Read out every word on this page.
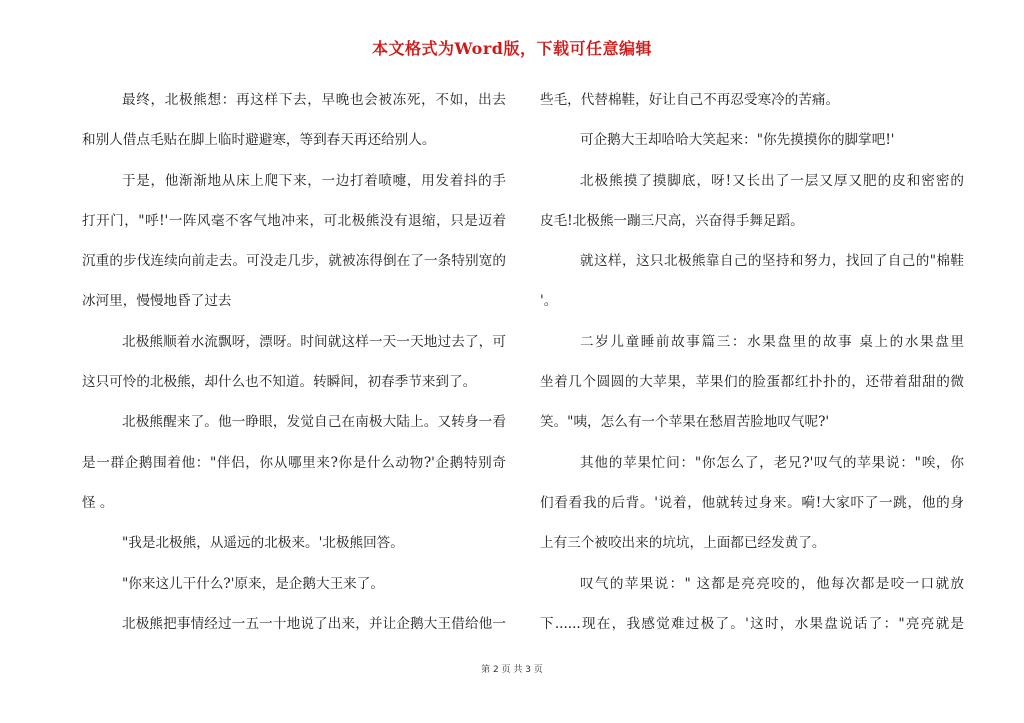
本文格式为Word版，下载可任意编辑
最终，北极熊想：再这样下去，早晚也会被冻死，不如，出去
和别人借点毛贴在脚上临时避避寒，等到春天再还给别人。
于是，他渐渐地从床上爬下来，一边打着喷嚏，用发着抖的手
打开门，"呼!'一阵风毫不客气地冲来，可北极熊没有退缩，只是迈着
沉重的步伐连续向前走去。可没走几步，就被冻得倒在了一条特别宽的
冰河里，慢慢地昏了过去
北极熊顺着水流飘呀，漂呀。时间就这样一天一天地过去了，可
这只可怜的北极熊，却什么也不知道。转瞬间，初春季节来到了。
北极熊醒来了。他一睁眼，发觉自己在南极大陆上。又转身一看
是一群企鹅围着他："伴侣，你从哪里来?你是什么动物?'企鹅特别奇
怪 。
"我是北极熊，从遥远的北极来。'北极熊回答。
"你来这儿干什么?'原来，是企鹅大王来了。
北极熊把事情经过一五一十地说了出来，并让企鹅大王借给他一
些毛，代替棉鞋，好让自己不再忍受寒冷的苦痛。
可企鹅大王却哈哈大笑起来："你先摸摸你的脚掌吧!'
北极熊摸了摸脚底，呀!又长出了一层又厚又肥的皮和密密的
皮毛!北极熊一蹦三尺高，兴奋得手舞足蹈。
就这样，这只北极熊靠自己的坚持和努力，找回了自己的"棉鞋
'。
二岁儿童睡前故事篇三：水果盘里的故事 桌上的水果盘里
坐着几个圆圆的大苹果，苹果们的脸蛋都红扑扑的，还带着甜甜的微
笑。"咦，怎么有一个苹果在愁眉苦脸地叹气呢?'
其他的苹果忙问："你怎么了，老兄?'叹气的苹果说："唉，你
们看看我的后背。'说着，他就转过身来。嗬!大家吓了一跳，他的身
上有三个被咬出来的坑坑，上面都已经发黄了。
叹气的苹果说：" 这都是亮亮咬的，他每次都是咬一口就放
下......现在，我感觉难过极了。'这时，水果盘说话了："亮亮就是
第 2 页 共 3 页
